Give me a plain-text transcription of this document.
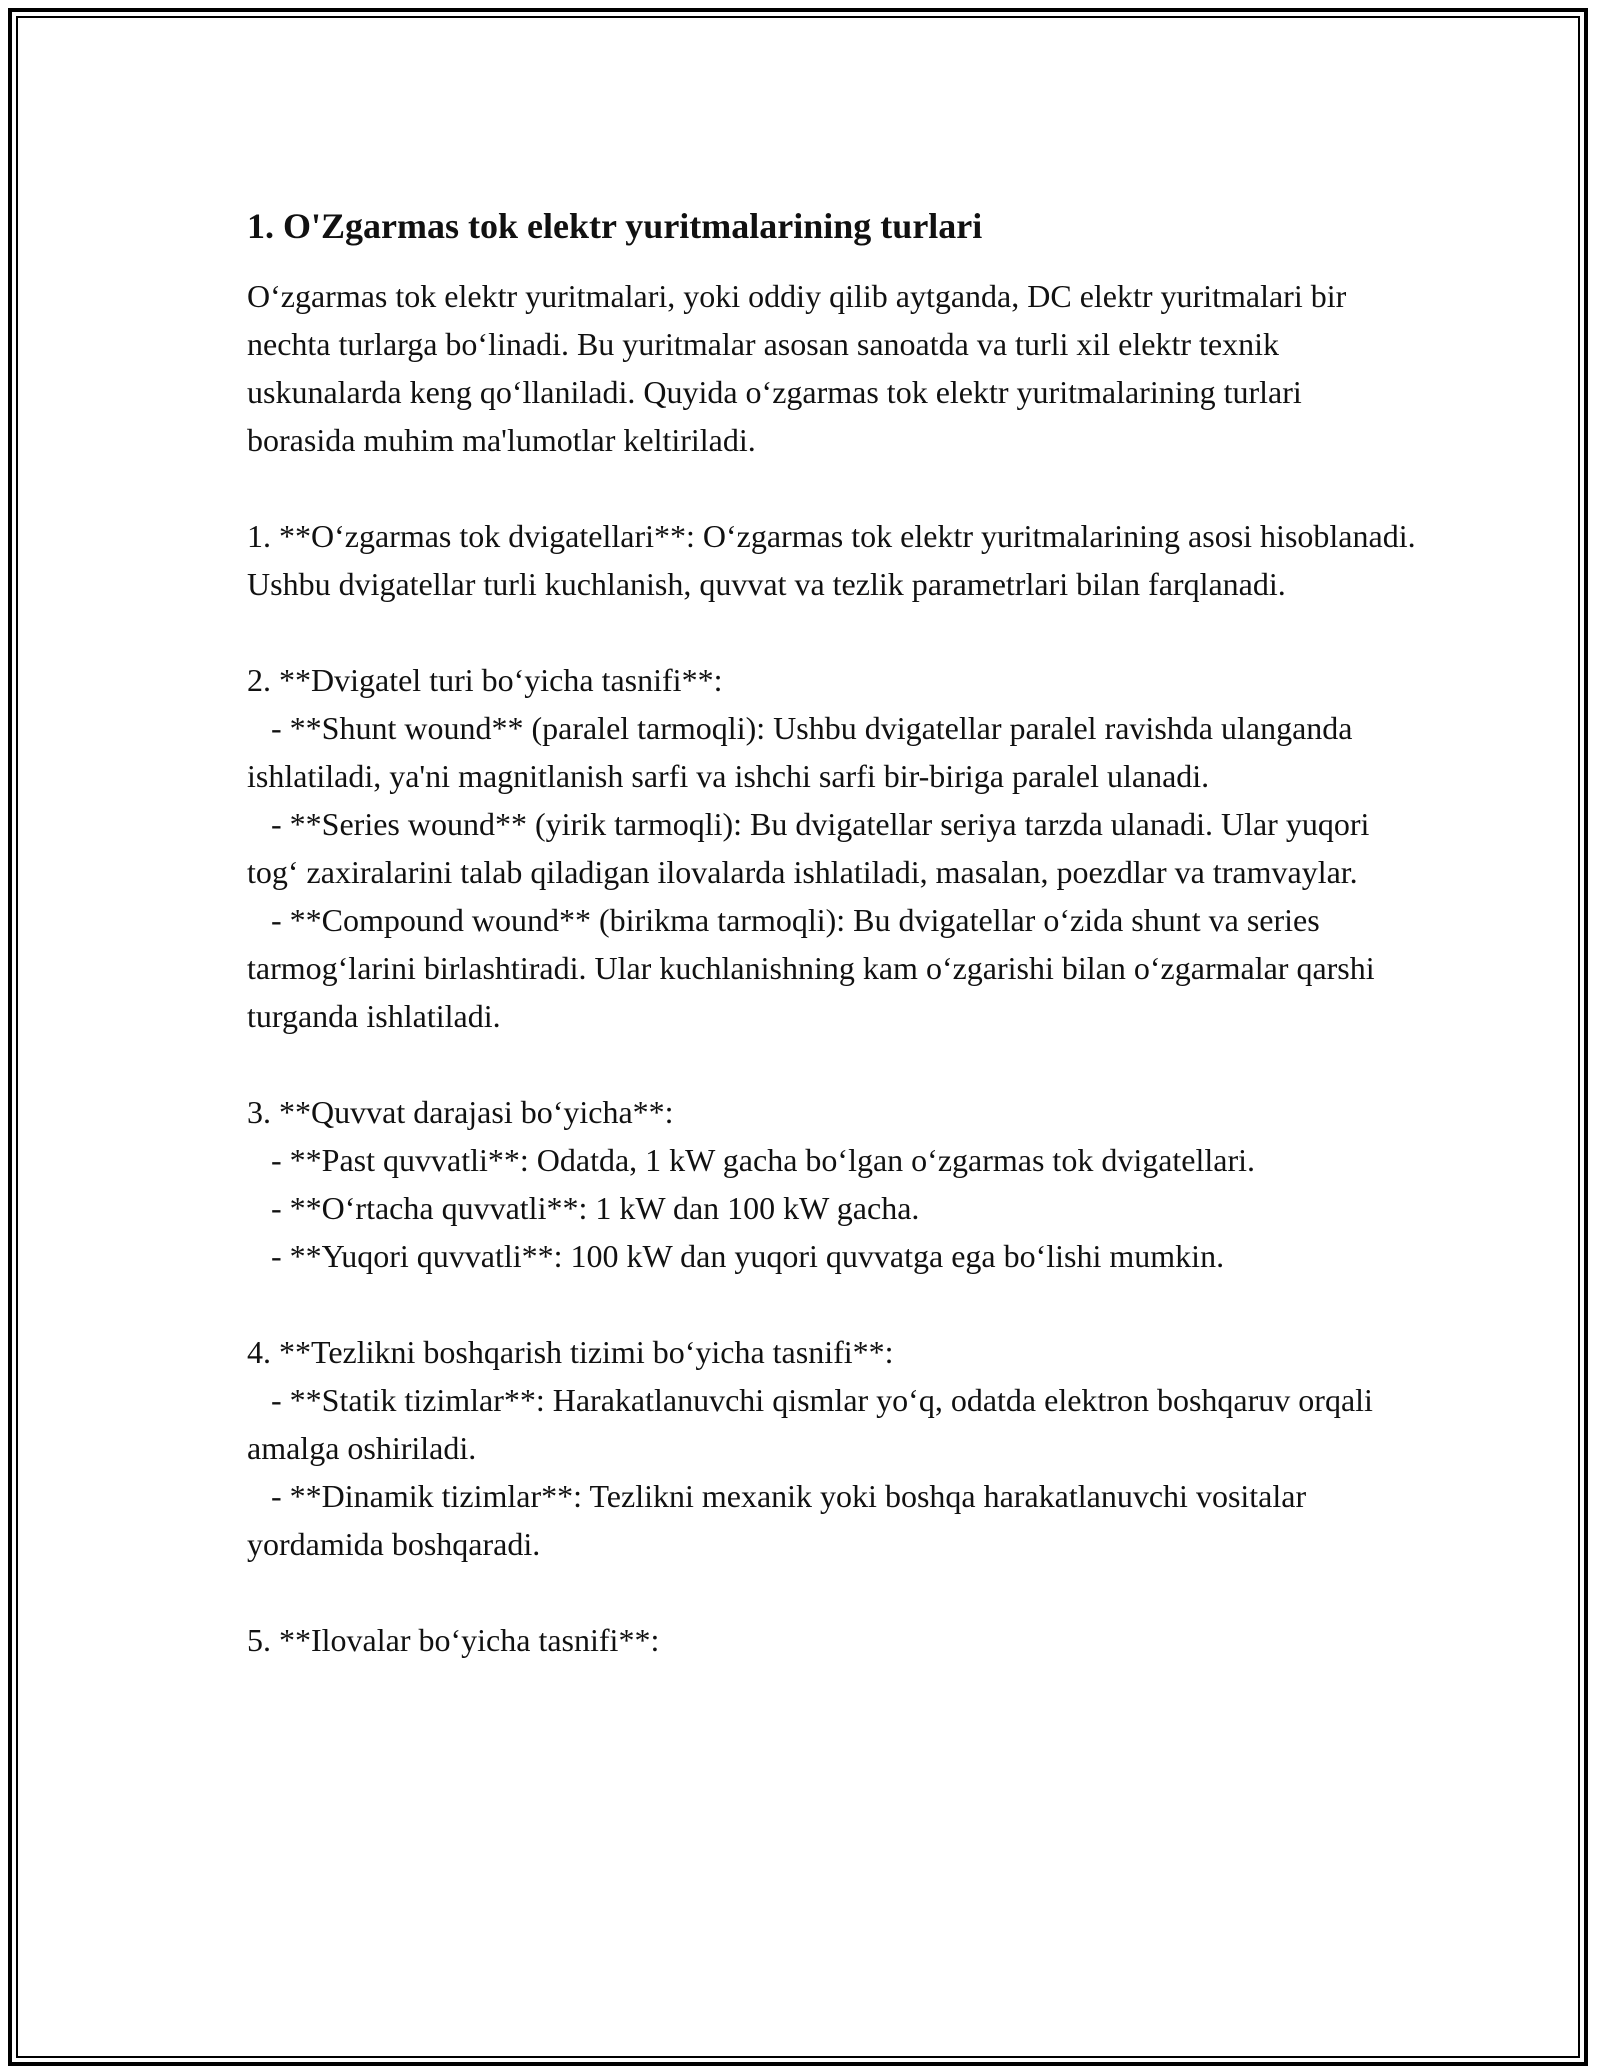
1. O'Zgarmas tok elektr yuritmalarining turlari

O‘zgarmas tok elektr yuritmalari, yoki oddiy qilib aytganda, DC elektr yuritmalari bir nechta turlarga bo‘linadi. Bu yuritmalar asosan sanoatda va turli xil elektr texnik uskunalarda keng qo‘llaniladi. Quyida o‘zgarmas tok elektr yuritmalarining turlari borasida muhim ma'lumotlar keltiriladi.

1. **O‘zgarmas tok dvigatellari**: O‘zgarmas tok elektr yuritmalarining asosi hisoblanadi. Ushbu dvigatellar turli kuchlanish, quvvat va tezlik parametrlari bilan farqlanadi.

2. **Dvigatel turi bo‘yicha tasnifi**:

- **Shunt wound** (paralel tarmoqli): Ushbu dvigatellar paralel ravishda ulanganda ishlatiladi, ya'ni magnitlanish sarfi va ishchi sarfi bir-biriga paralel ulanadi.

- **Series wound** (yirik tarmoqli): Bu dvigatellar seriya tarzda ulanadi. Ular yuqori tog‘ zaxiralarini talab qiladigan ilovalarda ishlatiladi, masalan, poezdlar va tramvaylar.

- **Compound wound** (birikma tarmoqli): Bu dvigatellar o‘zida shunt va series tarmog‘larini birlashtiradi. Ular kuchlanishning kam o‘zgarishi bilan o‘zgarmalar qarshi turganda ishlatiladi.

3. **Quvvat darajasi bo‘yicha**:

- **Past quvvatli**: Odatda, 1 kW gacha bo‘lgan o‘zgarmas tok dvigatellari.

- **O‘rtacha quvvatli**: 1 kW dan 100 kW gacha.

- **Yuqori quvvatli**: 100 kW dan yuqori quvvatga ega bo‘lishi mumkin.

4. **Tezlikni boshqarish tizimi bo‘yicha tasnifi**:

- **Statik tizimlar**: Harakatlanuvchi qismlar yo‘q, odatda elektron boshqaruv orqali amalga oshiriladi.

- **Dinamik tizimlar**: Tezlikni mexanik yoki boshqa harakatlanuvchi vositalar yordamida boshqaradi.

5. **Ilovalar bo‘yicha tasnifi**:
